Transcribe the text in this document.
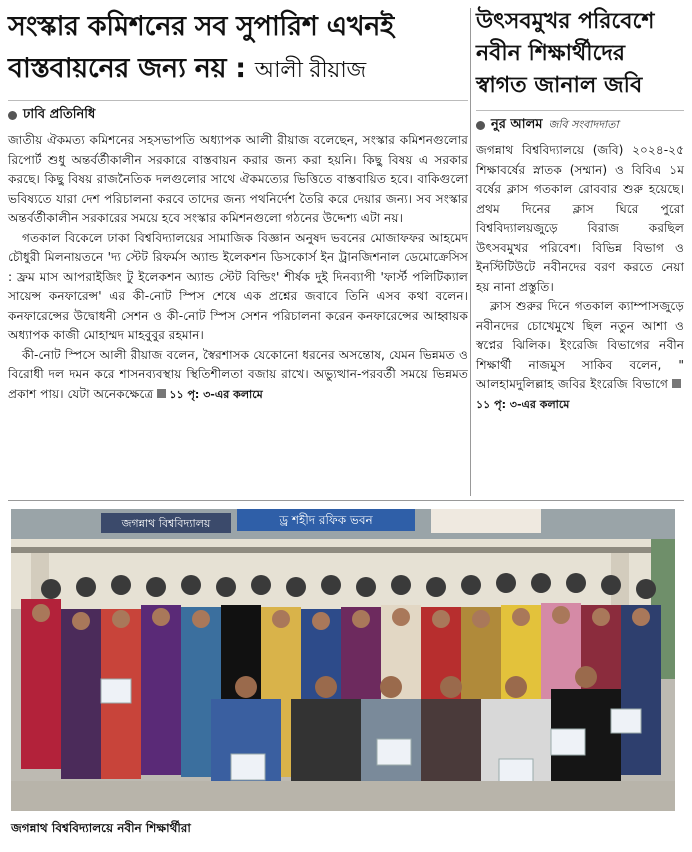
সংস্কার কমিশনের সব সুপারিশ এখনই
বাস্তবায়নের জন্য নয় : আলী রীয়াজ
ঢাবি প্রতিনিধি

জাতীয় ঐকমত্য কমিশনের সহসভাপতি অধ্যাপক আলী রীয়াজ বলেছেন, সংস্কার কমিশনগুলোর রিপোর্ট শুধু অন্তর্বর্তীকালীন সরকারে বাস্তবায়ন করার জন্য করা হয়নি। কিছু বিষয় এ সরকার করছে। কিছু বিষয় রাজনৈতিক দলগুলোর সাথে ঐকমত্যের ভিত্তিতে বাস্তবায়িত হবে। বাকিগুলো ভবিষ্যতে যারা দেশ পরিচালনা করবে তাদের জন্য পথনির্দেশ তৈরি করে দেয়ার জন্য। সব সংস্কার অন্তর্বর্তীকালীন সরকারের সময়ে হবে সংস্কার কমিশনগুলো গঠনের উদ্দেশ্য এটা নয়।

গতকাল বিকেলে ঢাকা বিশ্ববিদ্যালয়ের সামাজিক বিজ্ঞান অনুষদ ভবনের মোজাফফর আহমেদ চৌধুরী মিলনায়তনে 'দ্য স্টেট রিফর্মস অ্যান্ড ইলেকশন ডিসকোর্স ইন ট্রানজিশনাল ডেমোক্রেসিস : ফ্রম মাস আপরাইজিং টু ইলেকশন অ্যান্ড স্টেট বিল্ডিং' শীর্ষক দুই দিনব্যাপী 'ফার্স্ট পলিটিক্যাল সায়েন্স কনফারেন্স' এর কী-নোট স্পিস শেষে এক প্রশ্নের জবাবে তিনি এসব কথা বলেন। কনফারেন্সের উদ্বোধনী সেশন ও কী-নোট স্পিস সেশন পরিচালনা করেন কনফারেন্সের আহ্বায়ক অধ্যাপক কাজী মোহাম্মদ মাহবুবুর রহমান।

কী-নোট স্পিসে আলী রীয়াজ বলেন, স্বৈরশাসক যেকোনো ধরনের অসন্তোষ, যেমন ভিন্নমত ও বিরোধী দল দমন করে শাসনব্যবস্থায় স্থিতিশীলতা বজায় রাখে। অভ্যুত্থান-পরবর্তী সময়ে ভিন্নমত প্রকাশ পায়। যেটা অনেকক্ষেত্রে ১১ পৃ: ৩-এর কলামে

উৎসবমুখর পরিবেশে
নবীন শিক্ষার্থীদের
স্বাগত জানাল জবি
নুর আলম জবি সংবাদদাতা

জগন্নাথ বিশ্ববিদ্যালয়ে (জবি) ২০২৪-২৫ শিক্ষাবর্ষের স্নাতক (সম্মান) ও বিবিএ ১ম বর্ষের ক্লাস গতকাল রোববার শুরু হয়েছে। প্রথম দিনের ক্লাস ঘিরে পুরো বিশ্ববিদ্যালয়জুড়ে বিরাজ করছিল উৎসবমুখর পরিবেশ। বিভিন্ন বিভাগ ও ইনস্টিটিউটে নবীনদের বরণ করতে নেয়া হয় নানা প্রস্তুতি।

ক্লাস শুরুর দিনে গতকাল ক্যাম্পাসজুড়ে নবীনদের চোখেমুখে ছিল নতুন আশা ও স্বপ্নের ঝিলিক। ইংরেজি বিভাগের নবীন শিক্ষার্থী নাজমুস সাকিব বলেন, " আলহামদুলিল্লাহ জবির ইংরেজি বিভাগে১১ পৃ: ৩-এর কলামে

জগন্নাথ বিশ্ববিদ্যালয়	ড্র শহীদ রফিক ভবন
জগন্নাথ বিশ্ববিদ্যালয়ে নবীন শিক্ষার্থীরা
